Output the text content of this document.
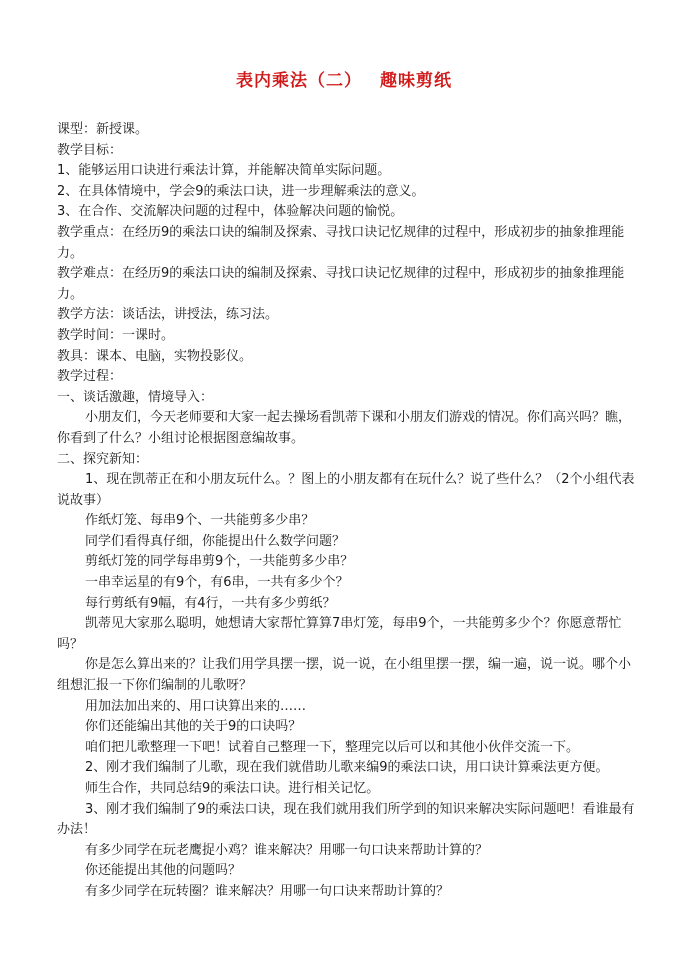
表内乘法（二） 趣味剪纸

课型：新授课。

教学目标：

1、能够运用口诀进行乘法计算，并能解决简单实际问题。

2、在具体情境中，学会9的乘法口诀，进一步理解乘法的意义。

3、在合作、交流解决问题的过程中，体验解决问题的愉悦。

教学重点：在经历9的乘法口诀的编制及探索、寻找口诀记忆规律的过程中，形成初步的抽象推理能力。

教学难点：在经历9的乘法口诀的编制及探索、寻找口诀记忆规律的过程中，形成初步的抽象推理能力。

教学方法：谈话法，讲授法，练习法。

教学时间：一课时。

教具：课本、电脑，实物投影仪。

教学过程：

一、谈话激趣，情境导入：

小朋友们，今天老师要和大家一起去操场看凯蒂下课和小朋友们游戏的情况。你们高兴吗？瞧，你看到了什么？小组讨论根据图意编故事。

二、探究新知：

1、现在凯蒂正在和小朋友玩什么。？图上的小朋友都有在玩什么？说了些什么？（2个小组代表说故事）

作纸灯笼、每串9个、一共能剪多少串？

同学们看得真仔细，你能提出什么数学问题？

剪纸灯笼的同学每串剪9个，一共能剪多少串？

一串幸运星的有9个，有6串，一共有多少个？

每行剪纸有9幅，有4行，一共有多少剪纸？

凯蒂见大家那么聪明，她想请大家帮忙算算7串灯笼，每串9个，一共能剪多少个？你愿意帮忙吗？

你是怎么算出来的？让我们用学具摆一摆，说一说，在小组里摆一摆，编一遍，说一说。哪个小组想汇报一下你们编制的儿歌呀？

用加法加出来的、用口诀算出来的……

你们还能编出其他的关于9的口诀吗？

咱们把儿歌整理一下吧！试着自己整理一下，整理完以后可以和其他小伙伴交流一下。

2、刚才我们编制了儿歌，现在我们就借助儿歌来编9的乘法口诀，用口诀计算乘法更方便。

师生合作，共同总结9的乘法口诀。进行相关记忆。

3、刚才我们编制了9的乘法口诀，现在我们就用我们所学到的知识来解决实际问题吧！看谁最有办法！

有多少同学在玩老鹰捉小鸡？谁来解决？用哪一句口诀来帮助计算的？

你还能提出其他的问题吗？

有多少同学在玩转圈？谁来解决？用哪一句口诀来帮助计算的？
